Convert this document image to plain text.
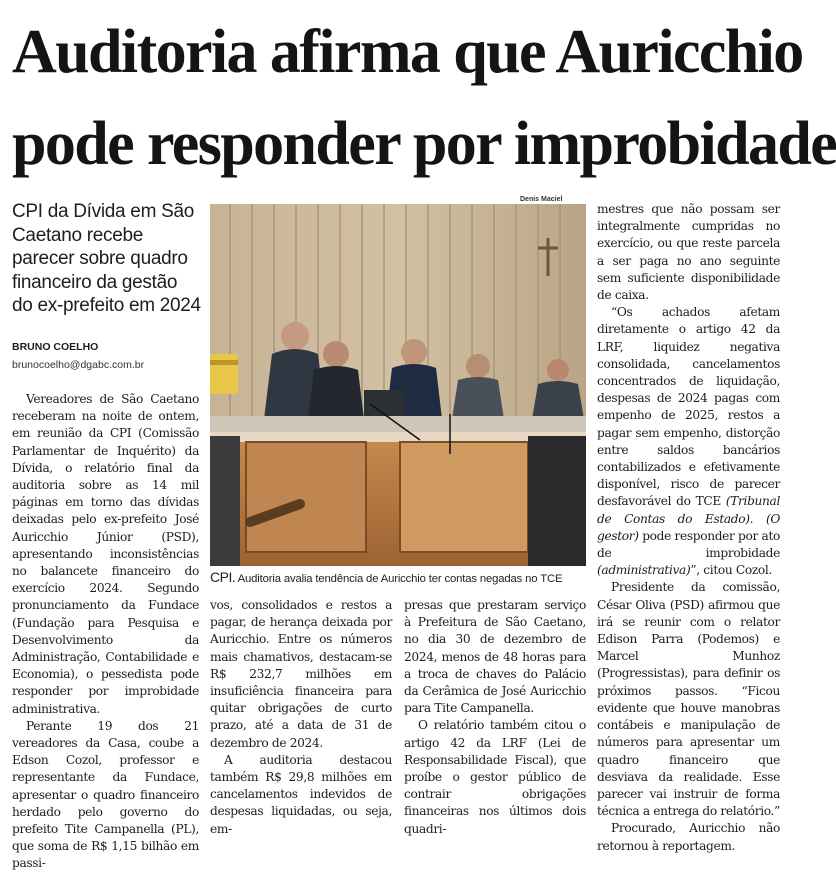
Auditoria afirma que Auricchio
pode responder por improbidade
CPI da Dívida em São Caetano recebe parecer sobre quadro financeiro da gestão do ex-prefeito em 2024
BRUNO COELHO
brunocoelho@dgabc.com.br

Vereadores de São Caetano receberam na noite de ontem, em reunião da CPI (Comissão Parlamentar de Inquérito) da Dívida, o relatório final da auditoria sobre as 14 mil páginas em torno das dívidas deixadas pelo ex-prefeito José Auricchio Júnior (PSD), apresentando inconsistências no balancete financeiro do exercício 2024. Segundo pronunciamento da Fundace (Fundação para Pesquisa e Desenvolvimento da Administração, Contabilidade e Economia), o pessedista pode responder por improbidade administrativa.

Perante 19 dos 21 vereadores da Casa, coube a Edson Cozol, professor e representante da Fundace, apresentar o quadro financeiro herdado pelo governo do prefeito Tite Campanella (PL), que soma de R$ 1,15 bilhão em passi-

Denis Maciel
CPI. Auditoria avalia tendência de Auricchio ter contas negadas no TCE

vos, consolidados e restos a pagar, de herança deixada por Auricchio. Entre os números mais chamativos, destacam-se R$ 232,7 milhões em insuficiência financeira para quitar obrigações de curto prazo, até a data de 31 de dezembro de 2024.

A auditoria destacou também R$ 29,8 milhões em cancelamentos indevidos de despesas liquidadas, ou seja, em-

presas que prestaram serviço à Prefeitura de São Caetano, no dia 30 de dezembro de 2024, menos de 48 horas para a troca de chaves do Palácio da Cerâmica de José Auricchio para Tite Campanella.

O relatório também citou o artigo 42 da LRF (Lei de Responsabilidade Fiscal), que proíbe o gestor público de contrair obrigações financeiras nos últimos dois quadri-

mestres que não possam ser integralmente cumpridas no exercício, ou que reste parcela a ser paga no ano seguinte sem suficiente disponibilidade de caixa.

“Os achados afetam diretamente o artigo 42 da LRF, liquidez negativa consolidada, cancelamentos concentrados de liquidação, despesas de 2024 pagas com empenho de 2025, restos a pagar sem empenho, distorção entre saldos bancários contabilizados e efetivamente disponível, risco de parecer desfavorável do TCE (Tribunal de Contas do Estado). (O gestor) pode responder por ato de improbidade (administrativa)”, citou Cozol.

Presidente da comissão, César Oliva (PSD) afirmou que irá se reunir com o relator Edison Parra (Podemos) e Marcel Munhoz (Progressistas), para definir os próximos passos. “Ficou evidente que houve manobras contábeis e manipulação de números para apresentar um quadro financeiro que desviava da realidade. Esse parecer vai instruir de forma técnica a entrega do relatório.”

Procurado, Auricchio não retornou à reportagem.
